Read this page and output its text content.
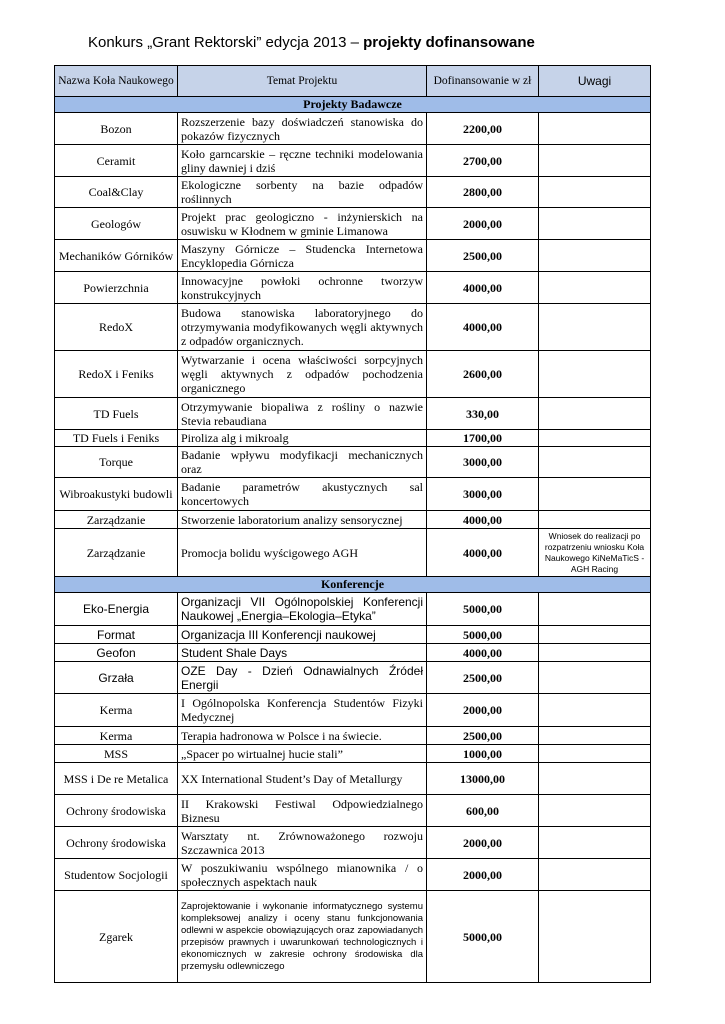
Konkurs „Grant Rektorski” edycja 2013 – projekty dofinansowane
Nazwa Koła Naukowego	Temat Projektu	Dofinansowanie w zł	Uwagi
Projekty Badawcze			
Bozon	Rozszerzenie bazy doświadczeń stanowiska do pokazów fizycznych	2200,00	
Ceramit	Koło garncarskie – ręczne techniki modelowania gliny dawniej i dziś	2700,00	
Coal&Clay	Ekologiczne sorbenty na bazie odpadów roślinnych	2800,00	
Geologów	Projekt prac geologiczno - inżynierskich na osuwisku w Kłodnem w gminie Limanowa	2000,00	
Mechaników Górników	Maszyny Górnicze – Studencka Internetowa Encyklopedia Górnicza	2500,00	
Powierzchnia	Innowacyjne powłoki ochronne tworzyw konstrukcyjnych	4000,00	
RedoX	Budowa stanowiska laboratoryjnego do otrzymywania modyfikowanych węgli aktywnych z odpadów organicznych.	4000,00	
RedoX i Feniks	Wytwarzanie i ocena właściwości sorpcyjnych węgli aktywnych z odpadów pochodzenia organicznego	2600,00	
TD Fuels	Otrzymywanie biopaliwa z rośliny o nazwie Stevia rebaudiana	330,00	
TD Fuels i Feniks	Piroliza alg i mikroalg	1700,00	
Torque	Badanie wpływu modyfikacji mechanicznych oraz	3000,00	
Wibroakustyki budowli	Badanie parametrów akustycznych sal koncertowych	3000,00	
Zarządzanie	Stworzenie laboratorium analizy sensorycznej	4000,00	
Zarządzanie	Promocja bolidu wyścigowego AGH	4000,00	Wniosek do realizacji po rozpatrzeniu wniosku Koła Naukowego KiNeMaTicS - AGH Racing
Konferencje			
Eko-Energia	Organizacji VII Ogólnopolskiej Konferencji Naukowej „Energia–Ekologia–Etyka”	5000,00	
Format	Organizacja III Konferencji naukowej	5000,00	
Geofon	Student Shale Days	4000,00	
Grzała	OZE Day - Dzień Odnawialnych Źródeł Energii	2500,00	
Kerma	I Ogólnopolska Konferencja Studentów Fizyki Medycznej	2000,00	
Kerma	Terapia hadronowa w Polsce i na świecie.	2500,00	
MSS	„Spacer po wirtualnej hucie stali”	1000,00	
MSS i De re Metalica	XX International Student’s Day of Metallurgy	13000,00	
Ochrony środowiska	II Krakowski Festiwal Odpowiedzialnego Biznesu	600,00	
Ochrony środowiska	Warsztaty nt. Zrównoważonego rozwoju Szczawnica 2013	2000,00	
Studentow Socjologii	W poszukiwaniu wspólnego mianownika / o społecznych aspektach nauk	2000,00	
Zgarek	Zaprojektowanie i wykonanie informatycznego systemu kompleksowej analizy i oceny stanu funkcjonowania odlewni w aspekcie obowiązujących oraz zapowiadanych przepisów prawnych i uwarunkowań technologicznych i ekonomicznych w zakresie ochrony środowiska dla przemysłu odlewniczego	5000,00	
